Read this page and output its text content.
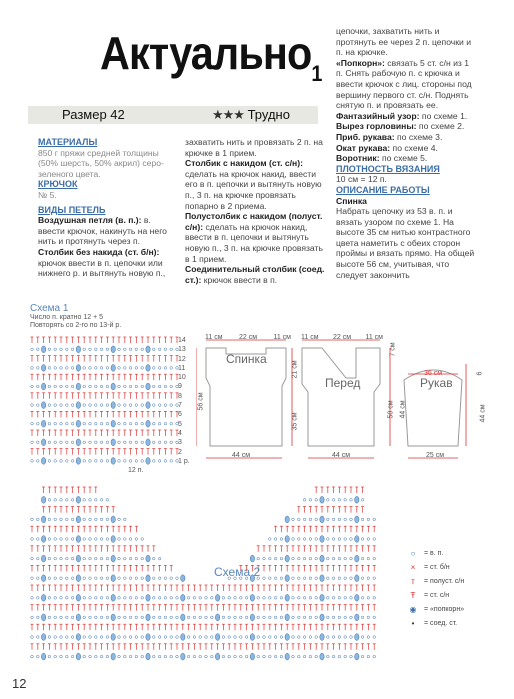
Актуально$_1$
Размер 42	★★★ Трудно

МАТЕРИАЛЫ

850 г пряжи средней толщины (50% шерсть, 50% акрил) серо-зеленого цвета.

КРЮЧОК

№ 5.

ВИДЫ ПЕТЕЛЬ

Воздушная петля (в. п.): в. ввести крючок, накинуть на него нить и протянуть через п.

Столбик без накида (ст. б/н): крючок ввести в п. цепочки или нижнего р. и вытянуть новую п.,

захватить нить и провязать 2 п. на крючке в 1 прием.

Столбик с накидом (ст. с/н): сделать на крючок накид, ввести его в п. цепочки и вытянуть новую п., 3 п. на крючке провязать попарно в 2 приема.

Полустолбик с накидом (полуст. с/н): сделать на крючок накид, ввести в п. цепочки и вытянуть новую п., 3 п. на крючке провязать в 1 прием.

Соединительный столбик (соед. ст.): крючок ввести в п.

цепочки, захватить нить и протянуть ее через 2 п. цепочки и п. на крючке.

«Попкорн»: связать 5 ст. с/н из 1 п. Снять рабочую п. с крючка и ввести крючок с лиц. стороны под вершину первого ст. с/н. Поднять снятую п. и провязать ее.

Фантазийный узор: по схеме 1.

Вырез горловины: по схеме 2.

Приб. рукава: по схеме 3.

Окат рукава: по схеме 4.

Воротник: по схеме 5.

ПЛОТНОСТЬ ВЯЗАНИЯ

10 см = 12 п.

ОПИСАНИЕ РАБОТЫ

Спинка

Набрать цепочку из 53 в. п. и вязать узором по схеме 1. На высоте 35 см нитью контрастного цвета наметить с обеих сторон проймы и вязать прямо. На общей высоте 56 см, учитывая, что следует закончить

Схема 1
Число п. кратно 12 + 5
Повторять со 2-го по 13-й р.
14
13
12
11
10
9
8
7
6
5
4
3
2
1 р.
12 п.
Спинка
Перед	Рукав
11 см 22 см 11 см 11 см 22 см 11 см
44 см	44 см
36 см
25 см
56 см
21 см
35 см
7 см
50 см 44 см
6
44 см
Схема 2
○	= в. п.
×	= ст. б/н
т	= полуст. с/н
Ŧ	= ст. с/н
◉	= «попкорн»
•	= соед. ст.
12
